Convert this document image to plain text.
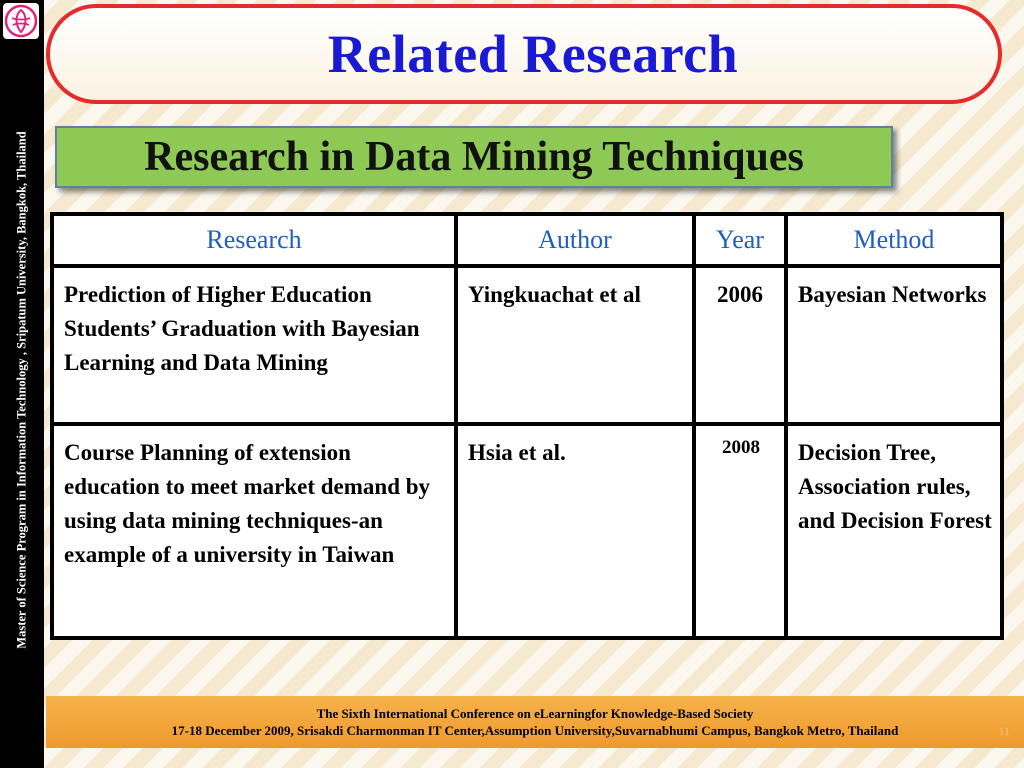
Master of Science Program in Information Technology , Sripatum University, Bangkok, Thailand
Related Research
Research in Data Mining Techniques
Research	Author	Year	Method
Prediction of Higher Education Students’ Graduation with Bayesian Learning and Data Mining	Yingkuachat et al	2006	Bayesian Networks
Course Planning of extension education to meet market demand by using data mining techniques-an example of a university in Taiwan	Hsia et al.	2008	Decision Tree, Association rules, and Decision Forest
The Sixth International Conference on eLearningfor Knowledge-Based Society
17-18 December 2009, Srisakdi Charmonman IT Center,Assumption University,Suvarnabhumi Campus, Bangkok Metro, Thailand	11
